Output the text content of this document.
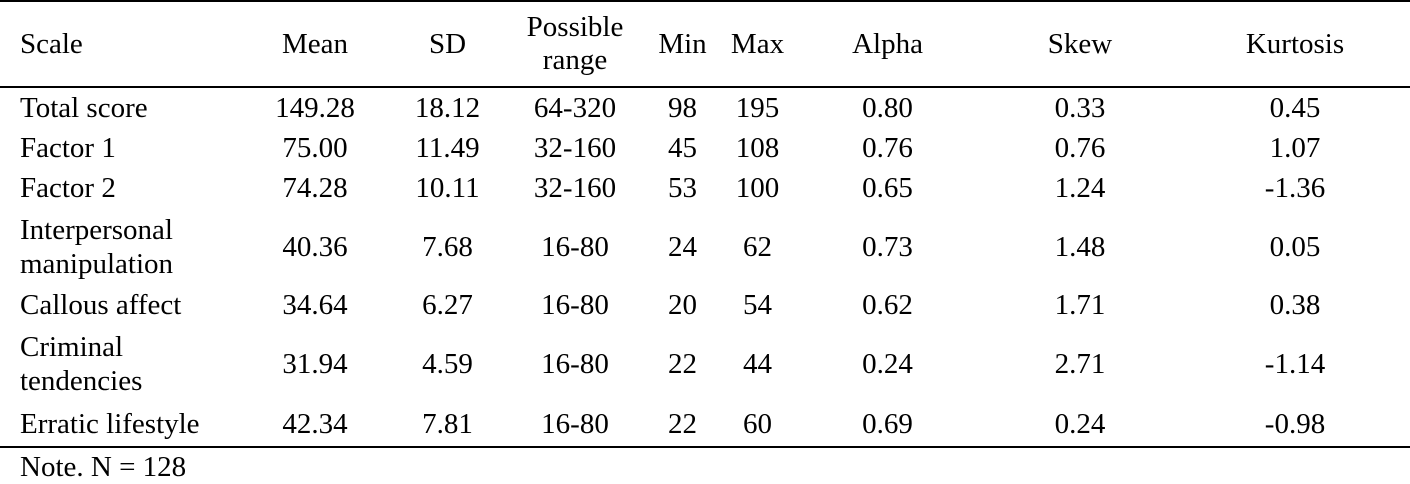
Scale	Mean	SD	Possible range	Min	Max	Alpha	Skew	Kurtosis
Total score	149.28	18.12	64-320	98	195	0.80	0.33	0.45
Factor 1	75.00	11.49	32-160	45	108	0.76	0.76	1.07
Factor 2	74.28	10.11	32-160	53	100	0.65	1.24	-1.36
Interpersonal manipulation	40.36	7.68	16-80	24	62	0.73	1.48	0.05
Callous affect	34.64	6.27	16-80	20	54	0.62	1.71	0.38
Criminal tendencies	31.94	4.59	16-80	22	44	0.24	2.71	-1.14
Erratic lifestyle	42.34	7.81	16-80	22	60	0.69	0.24	-0.98
Note. N = 128
